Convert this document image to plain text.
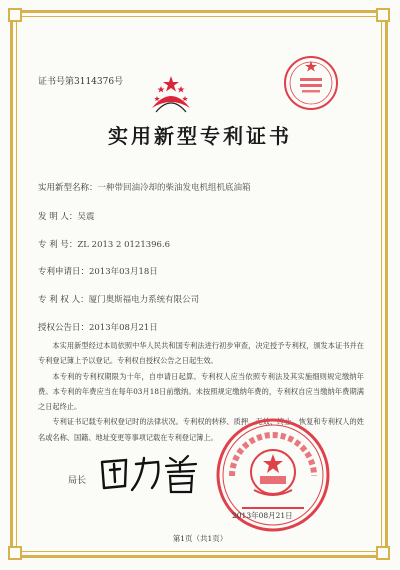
证书号第3114376号
实用新型专利证书
实用新型名称：一种带回油冷却的柴油发电机组机底油箱
发 明 人：吴震
专 利 号：ZL 2013 2 0121396.6
专利申请日：2013年03月18日
专 利 权 人：厦门奥斯福电力系统有限公司
授权公告日：2013年08月21日

本实用新型经过本局依照中华人民共和国专利法进行初步审查，决定授予专利权，颁发本证书并在专利登记簿上予以登记。专利权自授权公告之日起生效。

本专利的专利权期限为十年，自申请日起算。专利权人应当依照专利法及其实施细则规定缴纳年费。本专利的年费应当在每年03月18日前缴纳。未按照规定缴纳年费的，专利权自应当缴纳年费期满之日起终止。

专利证书记载专利权登记时的法律状况。专利权的转移、质押、无效、终止、恢复和专利权人的姓名或名称、国籍、地址变更等事项记载在专利登记簿上。

局长
2013年08月21日
第1页（共1页）
